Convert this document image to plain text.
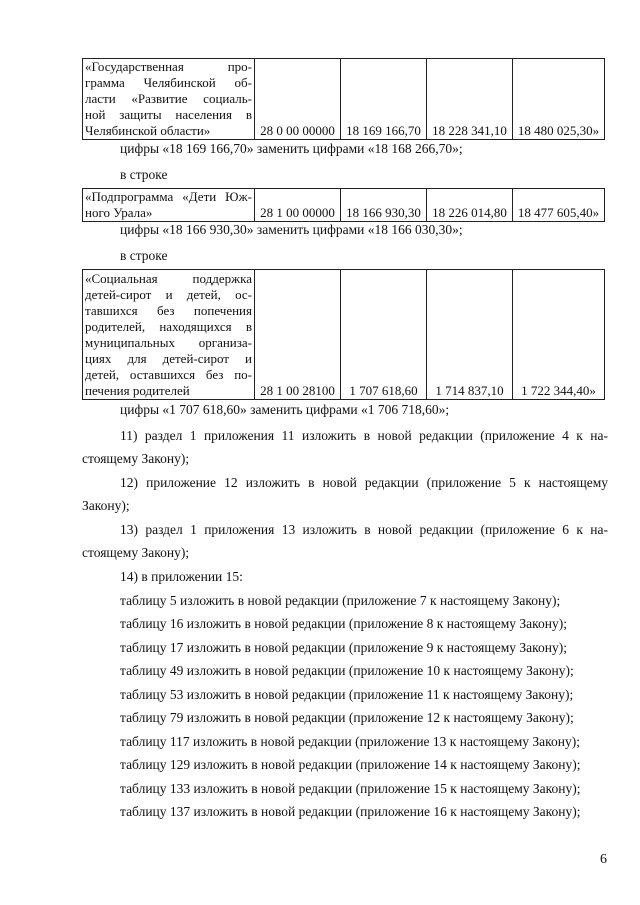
«Государственная про-
грамма Челябинской об-
ласти «Развитие социаль-
ной защиты населения в
Челябинской области»	28 0 00 00000	18 169 166,70	18 228 341,10	18 480 025,30»
цифры «18 169 166,70» заменить цифрами «18 168 266,70»;
в строке
«Подпрограмма «Дети Юж-
ного Урала»	28 1 00 00000	18 166 930,30	18 226 014,80	18 477 605,40»
цифры «18 166 930,30» заменить цифрами «18 166 030,30»;
в строке
«Социальная поддержка
детей-сирот и детей, ос-
тавшихся без попечения
родителей, находящихся в
муниципальных организа-
циях для детей-сирот и
детей, оставшихся без по-
печения родителей	28 1 00 28100	1 707 618,60	1 714 837,10	1 722 344,40»
цифры «1 707 618,60» заменить цифрами «1 706 718,60»;
11) раздел 1 приложения 11 изложить в новой редакции (приложение 4 к на-
стоящему Закону);
12) приложение 12 изложить в новой редакции (приложение 5 к настоящему
Закону);
13) раздел 1 приложения 13 изложить в новой редакции (приложение 6 к на-
стоящему Закону);
14) в приложении 15:
таблицу 5 изложить в новой редакции (приложение 7 к настоящему Закону);
таблицу 16 изложить в новой редакции (приложение 8 к настоящему Закону);
таблицу 17 изложить в новой редакции (приложение 9 к настоящему Закону);
таблицу 49 изложить в новой редакции (приложение 10 к настоящему Закону);
таблицу 53 изложить в новой редакции (приложение 11 к настоящему Закону);
таблицу 79 изложить в новой редакции (приложение 12 к настоящему Закону);
таблицу 117 изложить в новой редакции (приложение 13 к настоящему Закону);
таблицу 129 изложить в новой редакции (приложение 14 к настоящему Закону);
таблицу 133 изложить в новой редакции (приложение 15 к настоящему Закону);
таблицу 137 изложить в новой редакции (приложение 16 к настоящему Закону);
6
